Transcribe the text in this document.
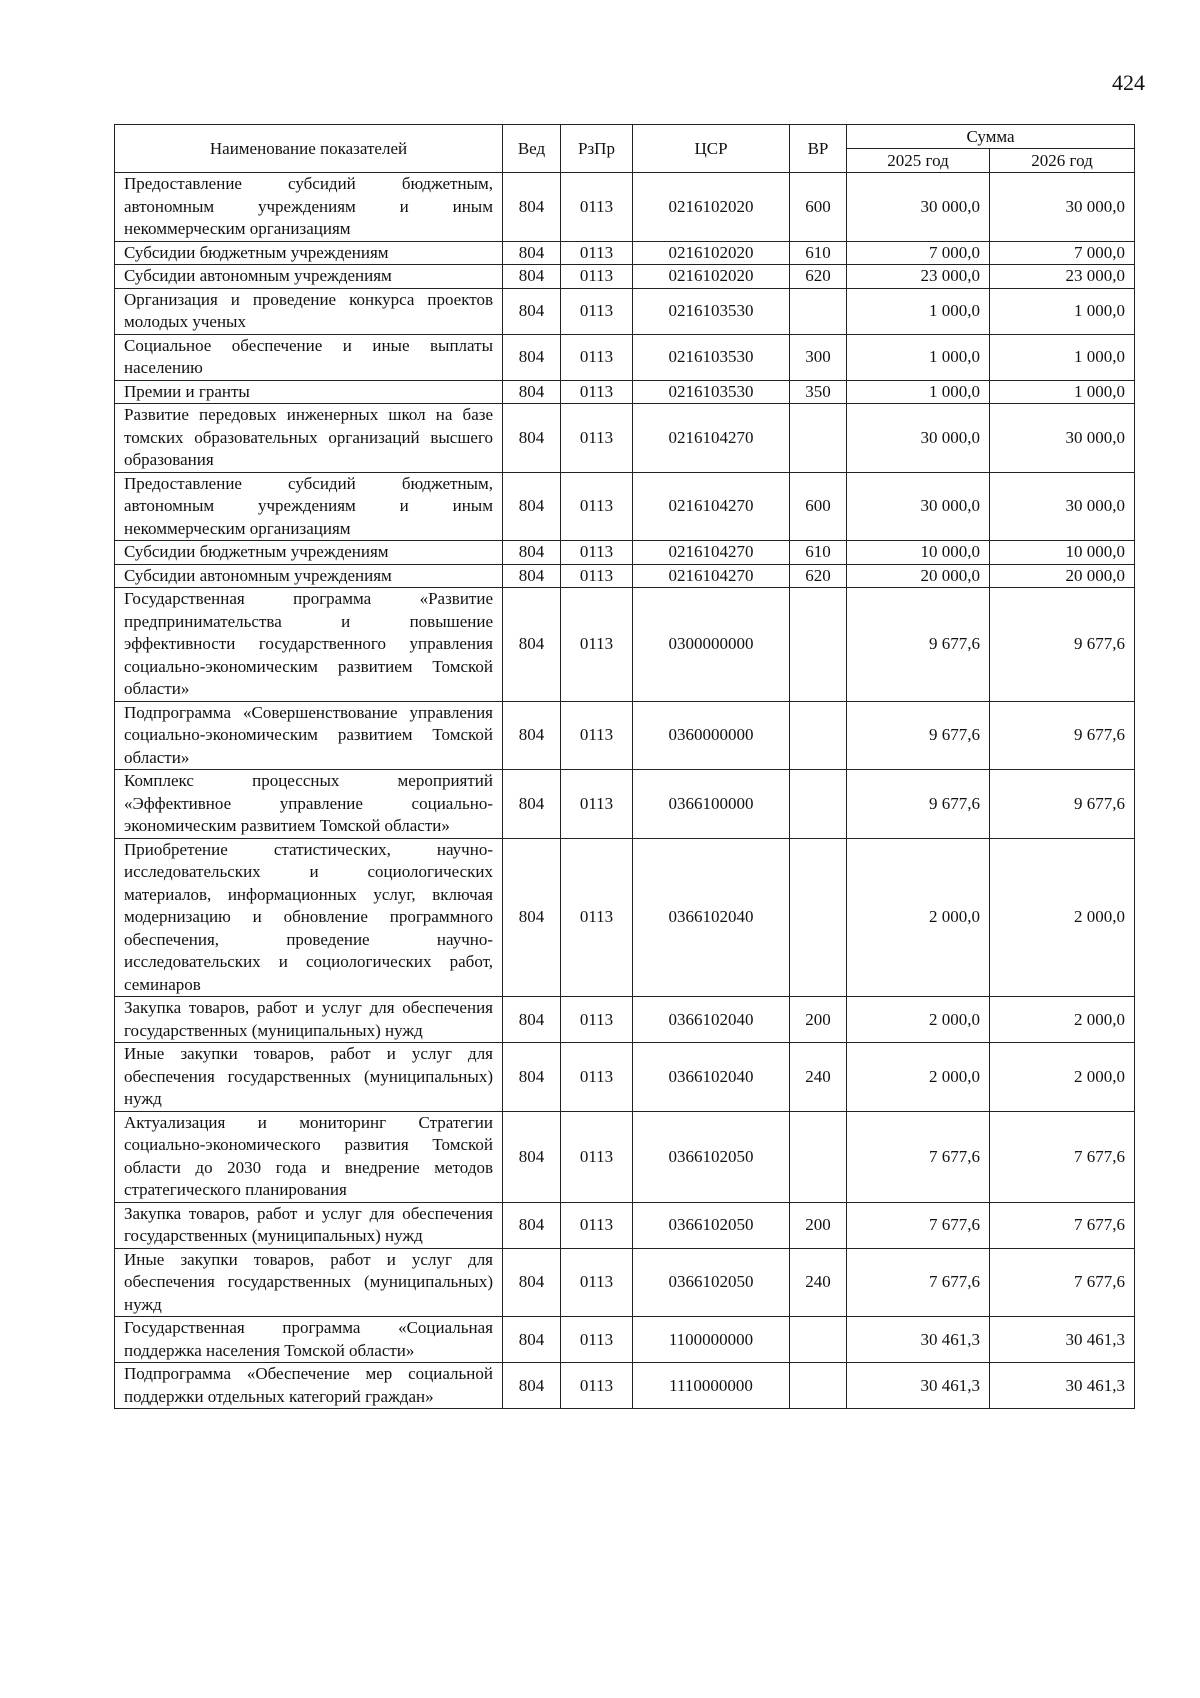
424
Наименование показателей	Вед	РзПр	ЦСР	ВР	Сумма	
					2025 год	2026 год
Предоставление субсидий бюджетным, автономным учреждениям и иным некоммерческим организациям	804	0113	0216102020	600	30 000,0	30 000,0
Субсидии бюджетным учреждениям	804	0113	0216102020	610	7 000,0	7 000,0
Субсидии автономным учреждениям	804	0113	0216102020	620	23 000,0	23 000,0
Организация и проведение конкурса проектов молодых ученых	804	0113	0216103530		1 000,0	1 000,0
Социальное обеспечение и иные выплаты населению	804	0113	0216103530	300	1 000,0	1 000,0
Премии и гранты	804	0113	0216103530	350	1 000,0	1 000,0
Развитие передовых инженерных школ на базе томских образовательных организаций высшего образования	804	0113	0216104270		30 000,0	30 000,0
Предоставление субсидий бюджетным, автономным учреждениям и иным некоммерческим организациям	804	0113	0216104270	600	30 000,0	30 000,0
Субсидии бюджетным учреждениям	804	0113	0216104270	610	10 000,0	10 000,0
Субсидии автономным учреждениям	804	0113	0216104270	620	20 000,0	20 000,0
Государственная программа «Развитие предпринимательства и повышение эффективности государственного управления социально-экономическим развитием Томской области»	804	0113	0300000000		9 677,6	9 677,6
Подпрограмма «Совершенствование управления социально-экономическим развитием Томской области»	804	0113	0360000000		9 677,6	9 677,6
Комплекс процессных мероприятий «Эффективное управление социально-экономическим развитием Томской области»	804	0113	0366100000		9 677,6	9 677,6
Приобретение статистических, научно-исследовательских и социологических материалов, информационных услуг, включая модернизацию и обновление программного обеспечения, проведение научно-исследовательских и социологических работ, семинаров	804	0113	0366102040		2 000,0	2 000,0
Закупка товаров, работ и услуг для обеспечения государственных (муниципальных) нужд	804	0113	0366102040	200	2 000,0	2 000,0
Иные закупки товаров, работ и услуг для обеспечения государственных (муниципальных) нужд	804	0113	0366102040	240	2 000,0	2 000,0
Актуализация и мониторинг Стратегии социально-экономического развития Томской области до 2030 года и внедрение методов стратегического планирования	804	0113	0366102050		7 677,6	7 677,6
Закупка товаров, работ и услуг для обеспечения государственных (муниципальных) нужд	804	0113	0366102050	200	7 677,6	7 677,6
Иные закупки товаров, работ и услуг для обеспечения государственных (муниципальных) нужд	804	0113	0366102050	240	7 677,6	7 677,6
Государственная программа «Социальная поддержка населения Томской области»	804	0113	1100000000		30 461,3	30 461,3
Подпрограмма «Обеспечение мер социальной поддержки отдельных категорий граждан»	804	0113	1110000000		30 461,3	30 461,3
